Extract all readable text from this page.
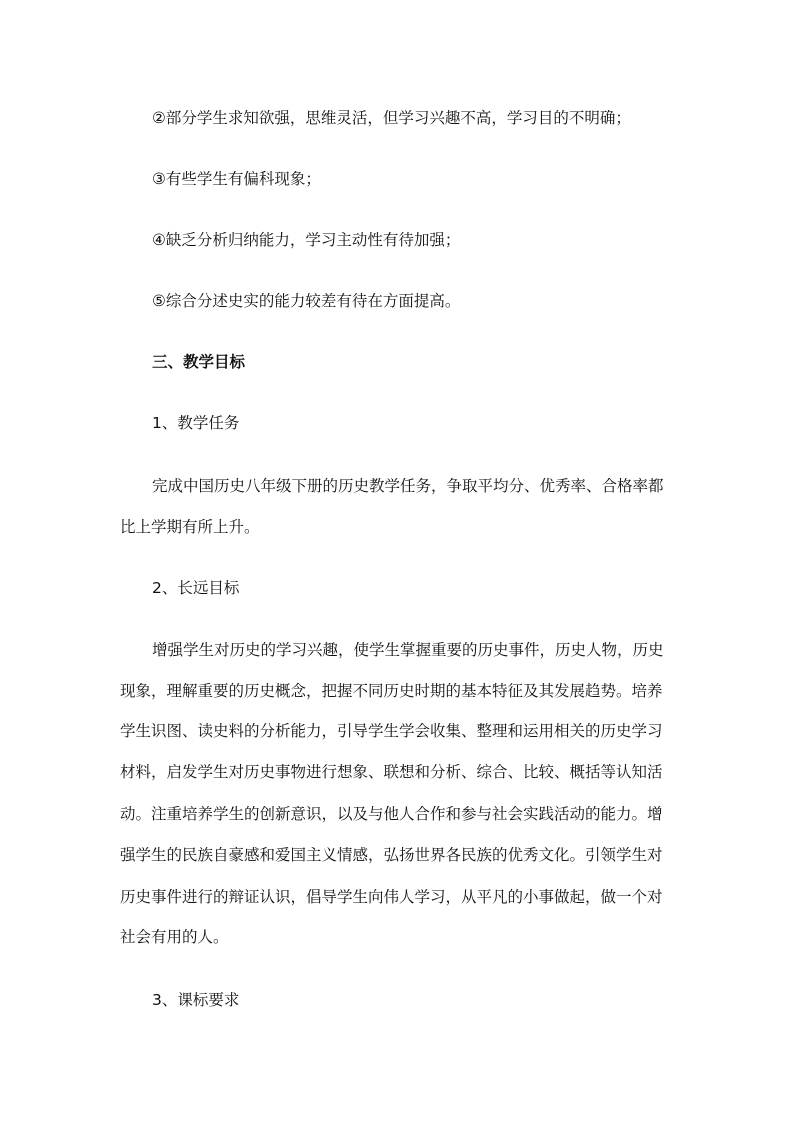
②部分学生求知欲强，思维灵活，但学习兴趣不高，学习目的不明确；
③有些学生有偏科现象；
④缺乏分析归纳能力，学习主动性有待加强；
⑤综合分述史实的能力较差有待在方面提高。
三、教学目标
1、教学任务
完成中国历史八年级下册的历史教学任务，争取平均分、优秀率、合格率都
比上学期有所上升。
2、长远目标
增强学生对历史的学习兴趣，使学生掌握重要的历史事件，历史人物，历史
现象，理解重要的历史概念，把握不同历史时期的基本特征及其发展趋势。培养
学生识图、读史料的分析能力，引导学生学会收集、整理和运用相关的历史学习
材料，启发学生对历史事物进行想象、联想和分析、综合、比较、概括等认知活
动。注重培养学生的创新意识，以及与他人合作和参与社会实践活动的能力。增
强学生的民族自豪感和爱国主义情感，弘扬世界各民族的优秀文化。引领学生对
历史事件进行的辩证认识，倡导学生向伟人学习，从平凡的小事做起，做一个对
社会有用的人。
3、课标要求
